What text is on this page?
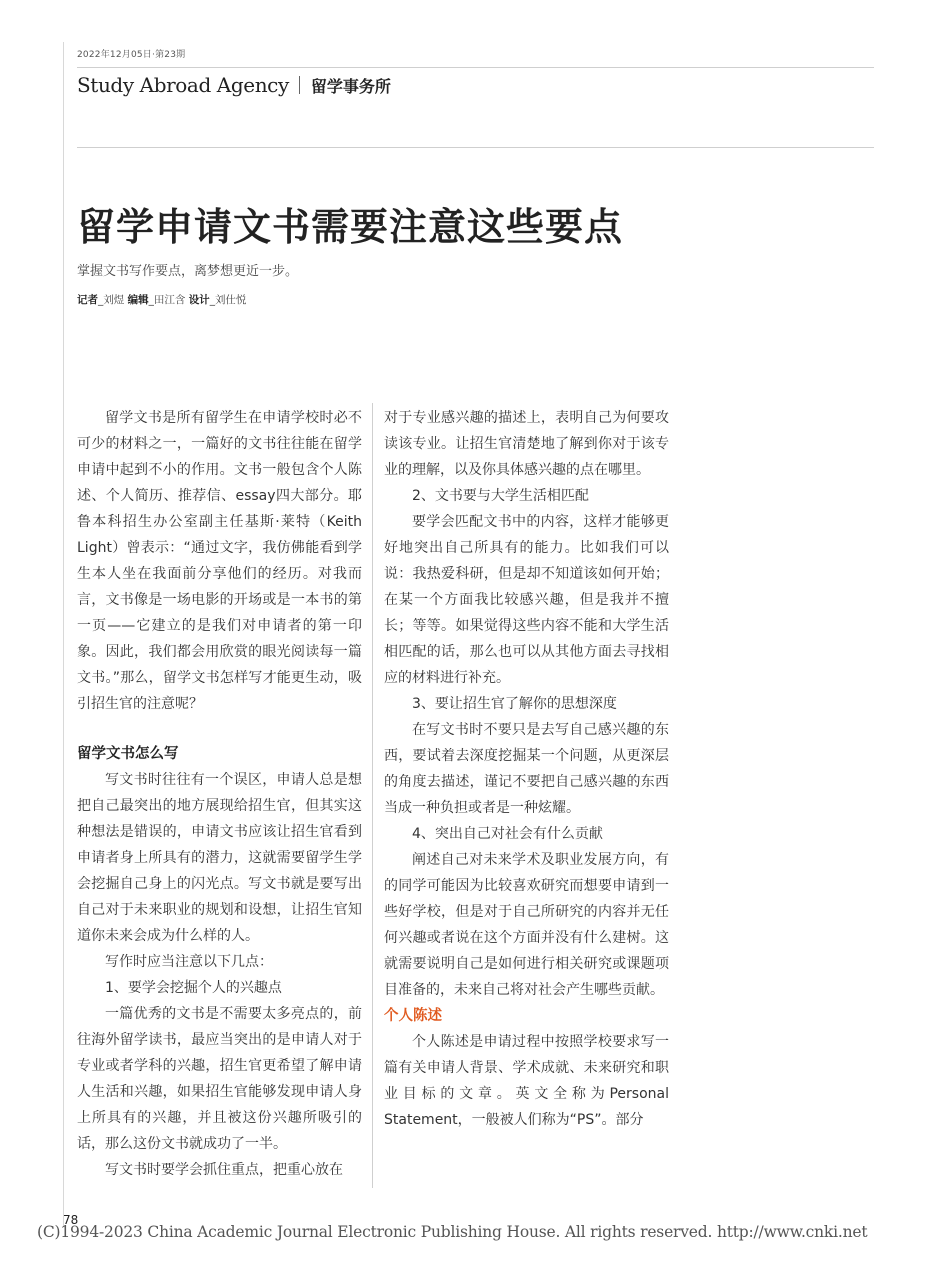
2022年12月05日·第23期
Study Abroad Agency 留学事务所
留学申请文书需要注意这些要点
掌握文书写作要点，离梦想更近一步。
记者_刘煜 编辑_田江含 设计_刘仕悦

留学文书是所有留学生在申请学校时必不可少的材料之一，一篇好的文书往往能在留学申请中起到不小的作用。文书一般包含个人陈述、个人简历、推荐信、essay四大部分。耶鲁本科招生办公室副主任基斯·莱特（Keith Light）曾表示：“通过文字，我仿佛能看到学生本人坐在我面前分享他们的经历。对我而言，文书像是一场电影的开场或是一本书的第一页——它建立的是我们对申请者的第一印象。因此，我们都会用欣赏的眼光阅读每一篇文书。”那么，留学文书怎样写才能更生动，吸引招生官的注意呢？

留学文书怎么写

写文书时往往有一个误区，申请人总是想把自己最突出的地方展现给招生官，但其实这种想法是错误的，申请文书应该让招生官看到申请者身上所具有的潜力，这就需要留学生学会挖掘自己身上的闪光点。写文书就是要写出自己对于未来职业的规划和设想，让招生官知道你未来会成为什么样的人。

写作时应当注意以下几点：

1、要学会挖掘个人的兴趣点

一篇优秀的文书是不需要太多亮点的，前往海外留学读书，最应当突出的是申请人对于专业或者学科的兴趣，招生官更希望了解申请人生活和兴趣，如果招生官能够发现申请人身上所具有的兴趣，并且被这份兴趣所吸引的话，那么这份文书就成功了一半。

写文书时要学会抓住重点，把重心放在

对于专业感兴趣的描述上，表明自己为何要攻读该专业。让招生官清楚地了解到你对于该专业的理解，以及你具体感兴趣的点在哪里。

2、文书要与大学生活相匹配

要学会匹配文书中的内容，这样才能够更好地突出自己所具有的能力。比如我们可以说：我热爱科研，但是却不知道该如何开始；在某一个方面我比较感兴趣，但是我并不擅长；等等。如果觉得这些内容不能和大学生活相匹配的话，那么也可以从其他方面去寻找相应的材料进行补充。

3、要让招生官了解你的思想深度

在写文书时不要只是去写自己感兴趣的东西，要试着去深度挖掘某一个问题，从更深层的角度去描述，谨记不要把自己感兴趣的东西当成一种负担或者是一种炫耀。

4、突出自己对社会有什么贡献

阐述自己对未来学术及职业发展方向，有的同学可能因为比较喜欢研究而想要申请到一些好学校，但是对于自己所研究的内容并无任何兴趣或者说在这个方面并没有什么建树。这就需要说明自己是如何进行相关研究或课题项目准备的，未来自己将对社会产生哪些贡献。

个人陈述

个人陈述是申请过程中按照学校要求写一篇有关申请人背景、学术成就、未来研究和职业目标的文章。英文全称为Personal Statement，一般被人们称为“PS”。部分

78
(C)1994-2023 China Academic Journal Electronic Publishing House. All rights reserved. http://www.cnki.net
